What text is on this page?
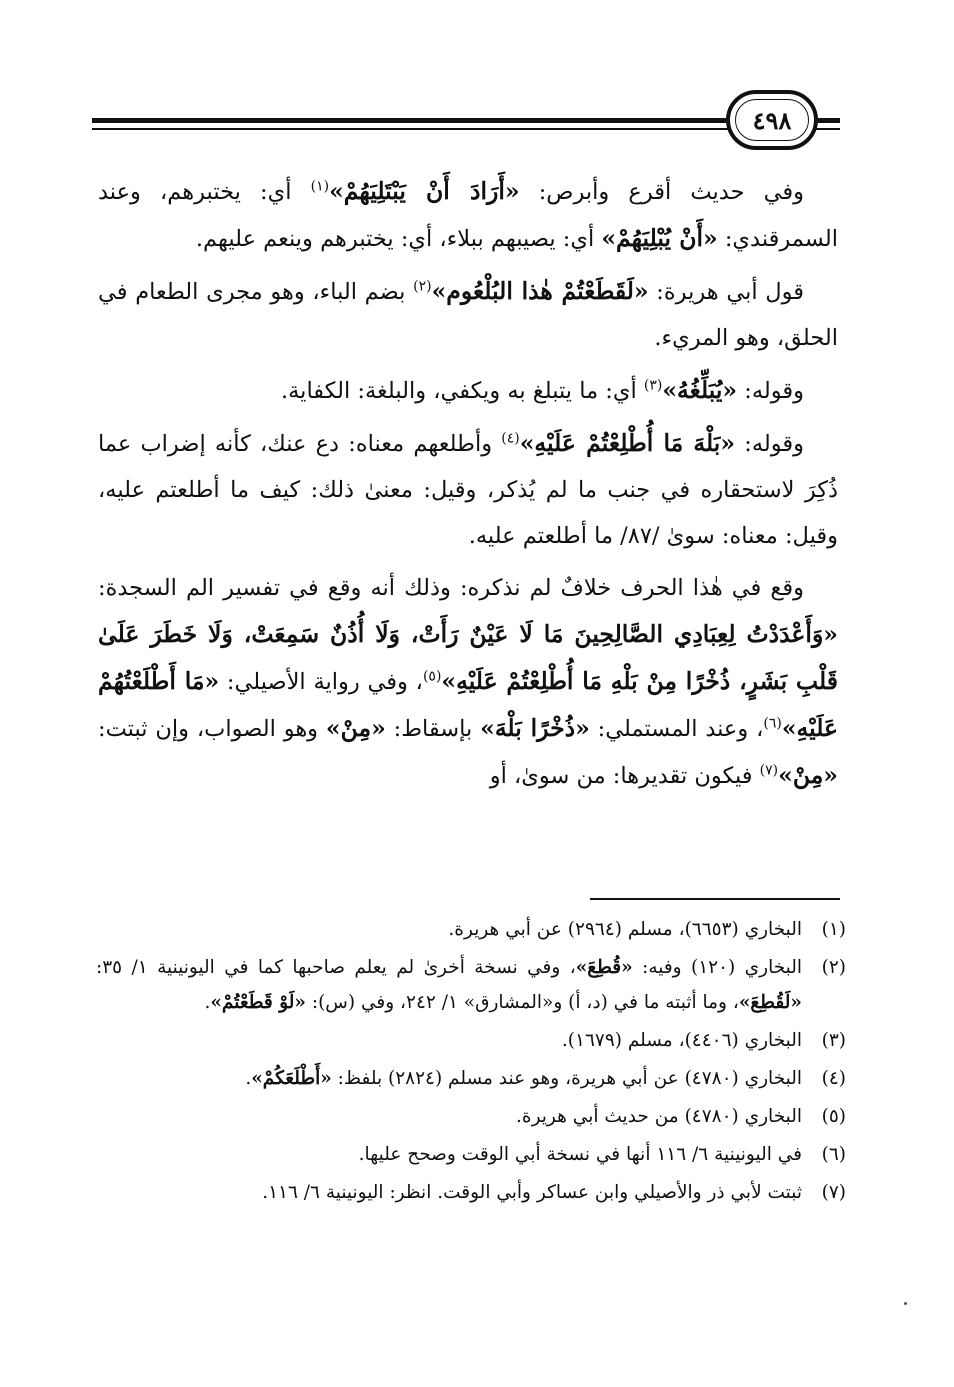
٤٩٨

وفي حديث أقرع وأبرص: «أَرَادَ أَنْ يَبْتَلِيَهُمْ»$^{(١)}$ أي: يختبرهم، وعند السمرقندي: «أَنْ يُبْلِيَهُمْ» أي: يصيبهم ببلاء، أي: يختبرهم وينعم عليهم.

قول أبي هريرة: «لَقَطَعْتُمْ هٰذا البُلْعُوم»$^{(٢)}$ بضم الباء، وهو مجرى الطعام في الحلق، وهو المريء.

وقوله: «يُبَلِّغُهُ»$^{(٣)}$ أي: ما يتبلغ به ويكفي، والبلغة: الكفاية.

وقوله: «بَلْهَ مَا أُطْلِعْتُمْ عَلَيْهِ»$^{(٤)}$ وأطلعهم معناه: دع عنك، كأنه إضراب عما ذُكِرَ لاستحقاره في جنب ما لم يُذكر، وقيل: معنىٰ ذلك: كيف ما أطلعتم عليه، وقيل: معناه: سوىٰ /٨٧/ ما أطلعتم عليه.

وقع في هٰذا الحرف خلافٌ لم نذكره: وذلك أنه وقع في تفسير الم السجدة: «وَأَعْدَدْتُ لِعِبَادِي الصَّالِحِينَ مَا لَا عَيْنٌ رَأَتْ، وَلَا أُذُنٌ سَمِعَتْ، وَلَا خَطَرَ عَلَىٰ قَلْبِ بَشَرٍ، ذُخْرًا مِنْ بَلْهِ مَا أُطْلِعْتُمْ عَلَيْهِ»$^{(٥)}$، وفي رواية الأصيلي: «مَا أَطْلَعْتُهُمْ عَلَيْهِ»$^{(٦)}$، وعند المستملي: «ذُخْرًا بَلْهَ» بإسقاط: «مِنْ» وهو الصواب، وإن ثبتت: «مِنْ»$^{(٧)}$ فيكون تقديرها: من سوىٰ، أو

(١)
البخاري (٦٦٥٣)، مسلم (٢٩٦٤) عن أبي هريرة.
(٢)
البخاري (١٢٠) وفيه: «قُطِعَ»، وفي نسخة أخرىٰ لم يعلم صاحبها كما في اليونينية ١/ ٣٥: «لَقُطِعَ»، وما أثبته ما في (د، أ) و«المشارق» ١/ ٢٤٢، وفي (س): «لَوْ قَطَعْتُمْ».
(٣)
البخاري (٤٤٠٦)، مسلم (١٦٧٩).
(٤)
البخاري (٤٧٨٠) عن أبي هريرة، وهو عند مسلم (٢٨٢٤) بلفظ: «أَطْلَعَكُمْ».
(٥)
البخاري (٤٧٨٠) من حديث أبي هريرة.
(٦)
في اليونينية ٦/ ١١٦ أنها في نسخة أبي الوقت وصحح عليها.
(٧)
ثبتت لأبي ذر والأصيلي وابن عساكر وأبي الوقت. انظر: اليونينية ٦/ ١١٦.
